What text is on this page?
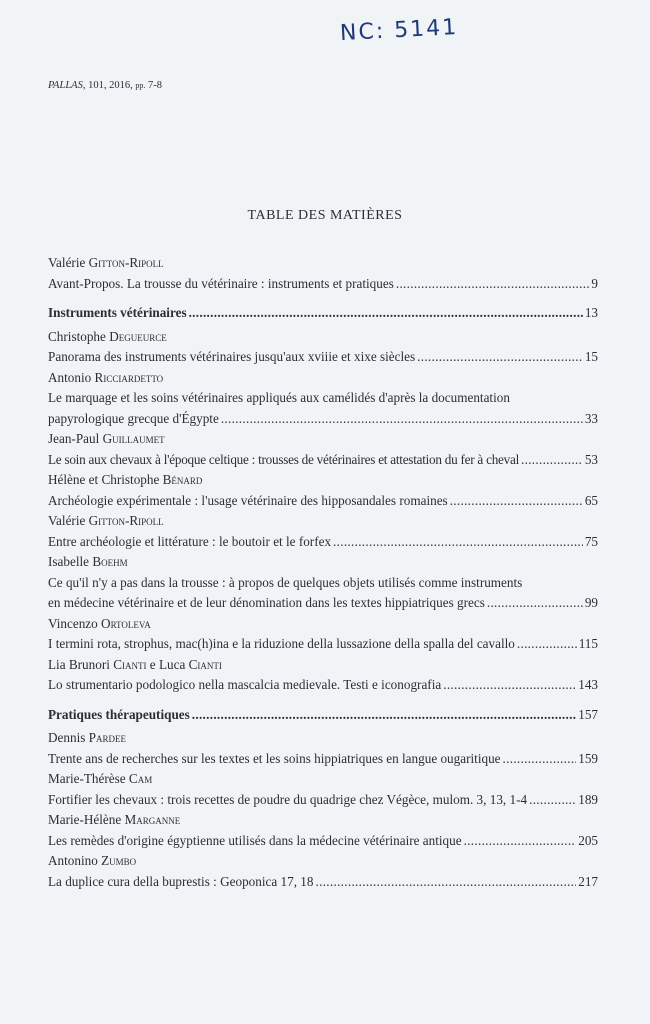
NC: 5141
PALLAS, 101, 2016, pp. 7-8
TABLE DES MATIÈRES
Valérie Gitton-Ripoll
Avant-Propos. La trousse du vétérinaire : instruments et pratiques . . .	9
Instruments vétérinaires . . .	13
Christophe Degueurce
Panorama des instruments vétérinaires jusqu'aux xviiie et xixe siècles . . .	15
Antonio Ricciardetto
Le marquage et les soins vétérinaires appliqués aux camélidés d'après la documentation
papyrologique grecque d'Égypte . . .	33
Jean-Paul Guillaumet
Le soin aux chevaux à l'époque celtique : trousses de vétérinaires et attestation du fer à cheval . . .	53
Hélène et Christophe Bénard
Archéologie expérimentale : l'usage vétérinaire des hipposandales romaines . . .	65
Valérie Gitton-Ripoll
Entre archéologie et littérature : le boutoir et le forfex . . .	75
Isabelle Boehm
Ce qu'il n'y a pas dans la trousse : à propos de quelques objets utilisés comme instruments
en médecine vétérinaire et de leur dénomination dans les textes hippiatriques grecs . . .	99
Vincenzo Ortoleva
I termini rota, strophus, mac(h)ina e la riduzione della lussazione della spalla del cavallo . . .	115
Lia Brunori Cianti e Luca Cianti
Lo strumentario podologico nella mascalcia medievale. Testi e iconografia . . .	143
Pratiques thérapeutiques . . .	157
Dennis Pardee
Trente ans de recherches sur les textes et les soins hippiatriques en langue ougaritique . . .	159
Marie-Thérèse Cam
Fortifier les chevaux : trois recettes de poudre du quadrige chez Végèce, mulom. 3, 13, 1-4 . . .	189
Marie-Hélène Marganne
Les remèdes d'origine égyptienne utilisés dans la médecine vétérinaire antique . . .	205
Antonino Zumbo
La duplice cura della buprestis : Geoponica 17, 18 . . .	217
